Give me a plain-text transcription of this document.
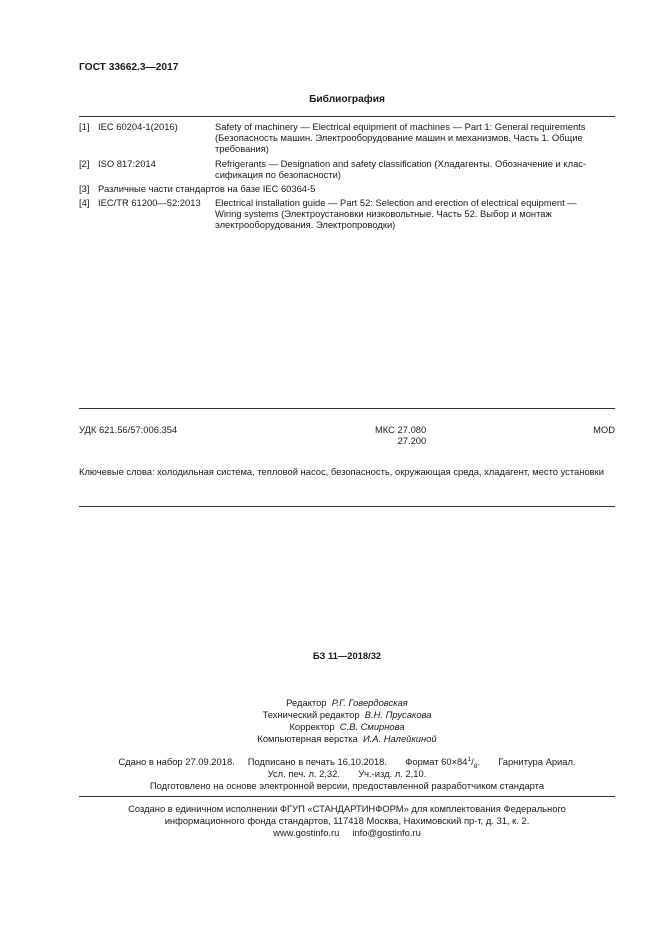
ГОСТ 33662.3—2017
Библиография
[1] IEC 60204-1(2016)	Safety of machinery — Electrical equipment of machines — Part 1: General requirements
(Безопасность машин. Электрооборудование машин и механизмов. Часть 1. Общие
требования)
[2] ISO 817:2014	Refrigerants — Designation and safety classification (Хладагенты. Обозначение и клас-
сификация по безопасности)
[3] Различные части стандартов на базе IEC 60364-5
[4] IEC/TR 61200—52:2013 Electrical installation guide — Part 52: Selection and erection of electrical equipment —
Wiring systems (Электроустановки низковольтные. Часть 52. Выбор и монтаж
электрооборудования. Электропроводки)
УДК 621.56/57:006.354	МКС 27.080
27.200
MOD
Ключевые слова: холодильная система, тепловой насос, безопасность, окружающая среда, хладагент, место установки
БЗ 11—2018/32
Редактор Р.Г. Говердовская
Технический редактор В.Н. Прусакова
Корректор С.В. Смирнова
Компьютерная верстка И.А. Налейкиной
Сдано в набор 27.09.2018. Подписано в печать 16.10.2018. Формат $60\times 84^1/_8$.       Гарнитура Ариал.
Усл. печ. л. 2,32. Уч.-изд. л. 2,10.
Подготовлено на основе электронной версии, предоставленной разработчиком стандарта
Создано в единичном исполнении ФГУП «СТАНДАРТИНФОРМ» для комплектования Федерального
информационного фонда стандартов, 117418 Москва, Нахимовский пр-т, д. 31, к. 2.
www.gostinfo.ru info@gostinfo.ru
